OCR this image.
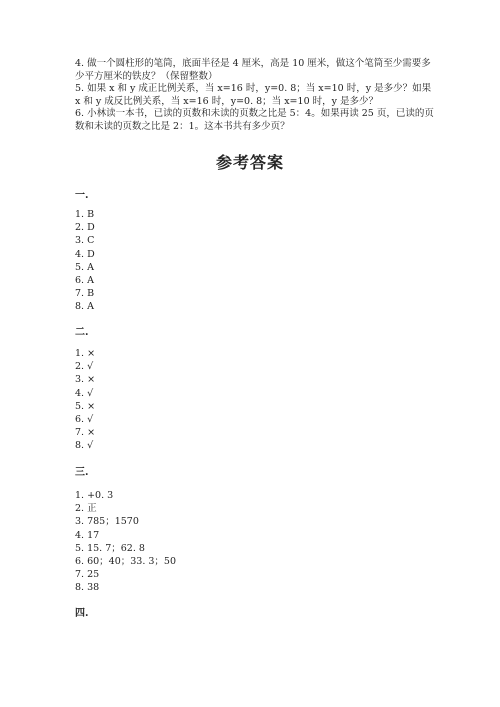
4. 做一个圆柱形的笔筒，底面半径是 4 厘米，高是 10 厘米，做这个笔筒至少需要多少平方厘米的铁皮？（保留整数）

5. 如果 x 和 y 成正比例关系，当 x=16 时，y=0. 8；当 x=10 时，y 是多少？如果 x 和 y 成反比例关系，当 x=16 时，y=0. 8；当 x=10 时，y 是多少？

6. 小林读一本书，已读的页数和未读的页数之比是 5：4。如果再读 25 页，已读的页数和未读的页数之比是 2：1。这本书共有多少页？

参考答案
一.
1. B
2. D
3. C
4. D
5. A
6. A
7. B
8. A
二.
1. ×
2. √
3. ×
4. √
5. ×
6. √
7. ×
8. √
三.
1. +0. 3
2. 正
3. 785；1570
4. 17
5. 15. 7；62. 8
6. 60；40；33. 3；50
7. 25
8. 38
四.
